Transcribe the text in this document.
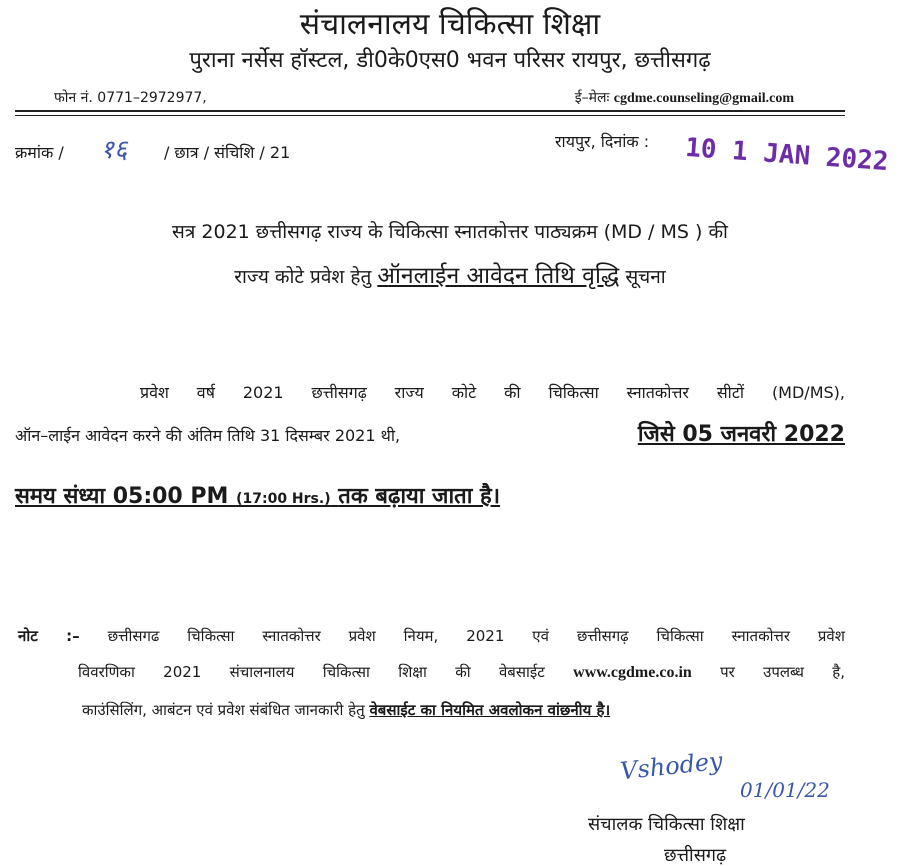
संचालनालय चिकित्सा शिक्षा
पुराना नर्सेस हॉस्टल, डी0के0एस0 भवन परिसर रायपुर, छत्तीसगढ़
फोन नं. 0771–2972977,	ई–मेलः cgdme.counseling@gmail.com
क्रमांक / १६ / छात्र / संचिशि / 21
रायपुर, दिनांक : 10 1 JAN 2022
सत्र 2021 छत्तीसगढ़ राज्य के चिकित्सा स्नातकोत्तर पाठ्यक्रम (MD / MS ) की
राज्य कोटे प्रवेश हेतु ऑनलाईन आवेदन तिथि वृद्धि सूचना
प्रवेश वर्ष 2021 छत्तीसगढ़ राज्य कोटे की चिकित्सा स्नातकोत्तर सीटों (MD/MS),
ऑन–लाईन आवेदन करने की अंतिम तिथि 31 दिसम्बर 2021 थी,	जिसे 05 जनवरी 2022
समय संध्या 05:00 PM (17:00 Hrs.) तक बढ़ाया जाता है।
नोट :– छत्तीसगढ चिकित्सा स्नातकोत्तर प्रवेश नियम, 2021 एवं छत्तीसगढ़ चिकित्सा स्नातकोत्तर प्रवेश
विवरणिका 2021 संचालनालय चिकित्सा शिक्षा की वेबसाईट www.cgdme.co.in पर उपलब्ध है,
काउंसिलिंग, आबंटन एवं प्रवेश संबंधित जानकारी हेतु वेबसाईट का नियमित अवलोकन वांछनीय है।
Vshodey
01/01/22
संचालक चिकित्सा शिक्षा
छत्तीसगढ़
